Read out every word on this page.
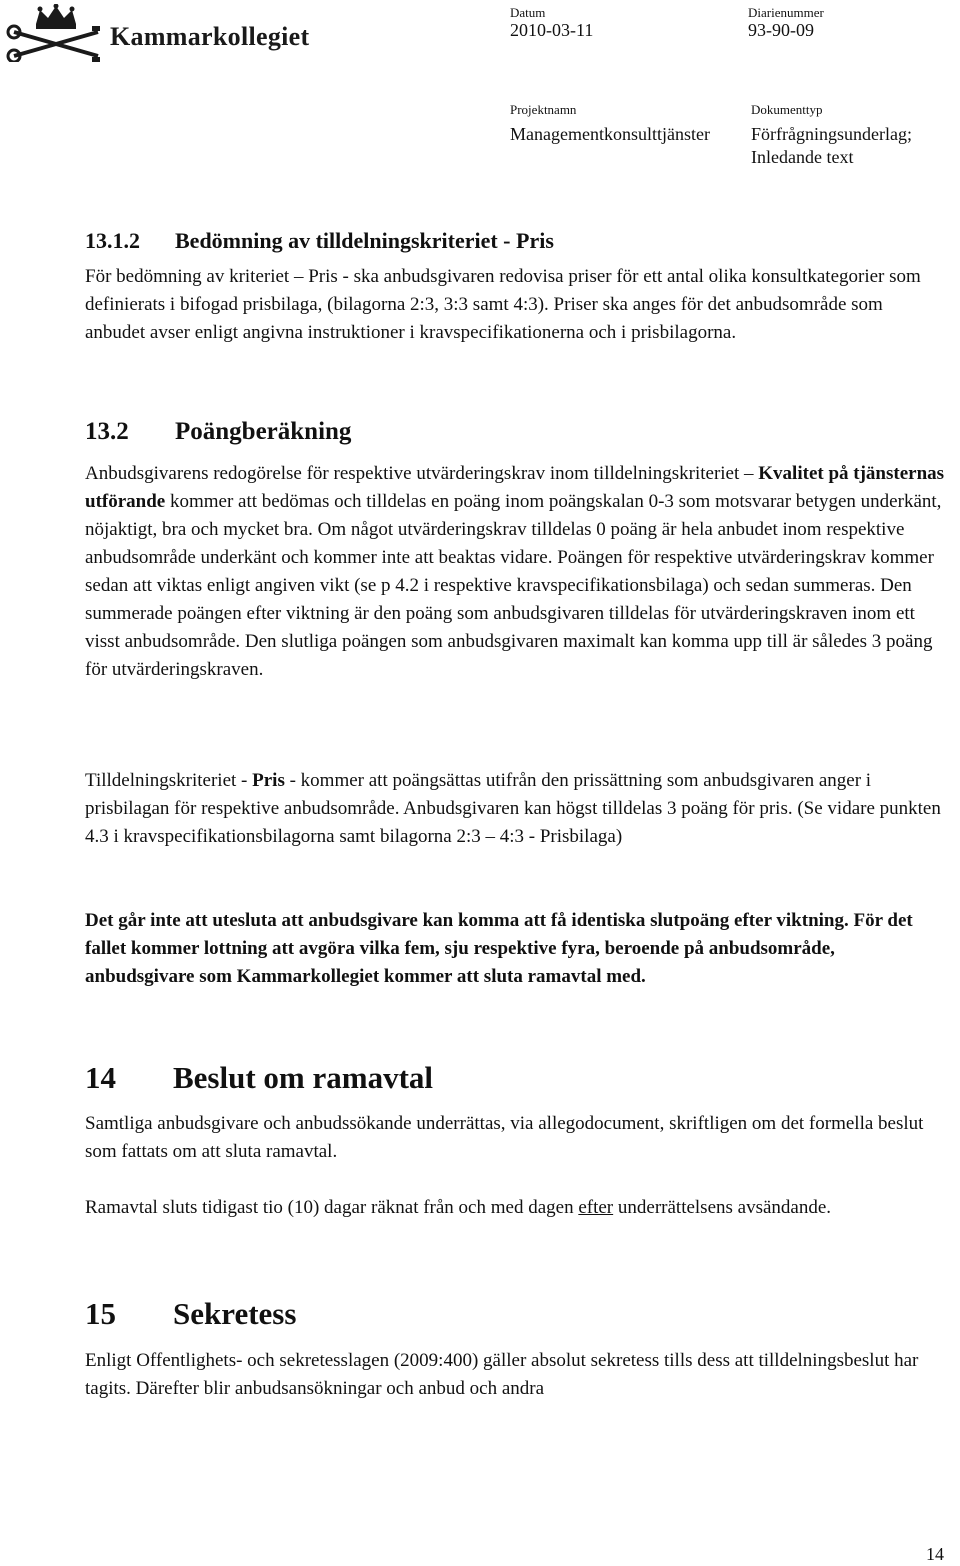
Kammarkollegiet
Datum
2010-03-11
Diarienummer
93-90-09
Projektnamn
Managementkonsulttjänster
Dokumenttyp
Förfrågningsunderlag;
Inledande text
13.1.2 Bedömning av tilldelningskriteriet - Pris

För bedömning av kriteriet – Pris - ska anbudsgivaren redovisa priser för ett antal olika konsultkategorier som definierats i bifogad prisbilaga, (bilagorna 2:3, 3:3 samt 4:3). Priser ska anges för det anbudsområde som anbudet avser enligt angivna instruktioner i kravspecifikationerna och i prisbilagorna.

13.2 Poängberäkning

Anbudsgivarens redogörelse för respektive utvärderingskrav inom tilldelningskriteriet – Kvalitet på tjänsternas utförande kommer att bedömas och tilldelas en poäng inom poängskalan 0-3 som motsvarar betygen underkänt, nöjaktigt, bra och mycket bra. Om något utvärderingskrav tilldelas 0 poäng är hela anbudet inom respektive anbudsområde underkänt och kommer inte att beaktas vidare. Poängen för respektive utvärderingskrav kommer sedan att viktas enligt angiven vikt (se p 4.2 i respektive kravspecifikationsbilaga) och sedan summeras. Den summerade poängen efter viktning är den poäng som anbudsgivaren tilldelas för utvärderingskraven inom ett visst anbudsområde. Den slutliga poängen som anbudsgivaren maximalt kan komma upp till är således 3 poäng för utvärderingskraven.

Tilldelningskriteriet - Pris - kommer att poängsättas utifrån den prissättning som anbudsgivaren anger i prisbilagan för respektive anbudsområde. Anbudsgivaren kan högst tilldelas 3 poäng för pris. (Se vidare punkten 4.3 i kravspecifikationsbilagorna samt bilagorna 2:3 – 4:3 - Prisbilaga)

Det går inte att utesluta att anbudsgivare kan komma att få identiska slutpoäng efter viktning. För det fallet kommer lottning att avgöra vilka fem, sju respektive fyra, beroende på anbudsområde, anbudsgivare som Kammarkollegiet kommer att sluta ramavtal med.

14 Beslut om ramavtal

Samtliga anbudsgivare och anbudssökande underrättas, via allegodocument, skriftligen om det formella beslut som fattats om att sluta ramavtal.

Ramavtal sluts tidigast tio (10) dagar räknat från och med dagen efter underrättelsens avsändande.

15 Sekretess

Enligt Offentlighets- och sekretesslagen (2009:400) gäller absolut sekretess tills dess att tilldelningsbeslut har tagits. Därefter blir anbudsansökningar och anbud och andra

14
